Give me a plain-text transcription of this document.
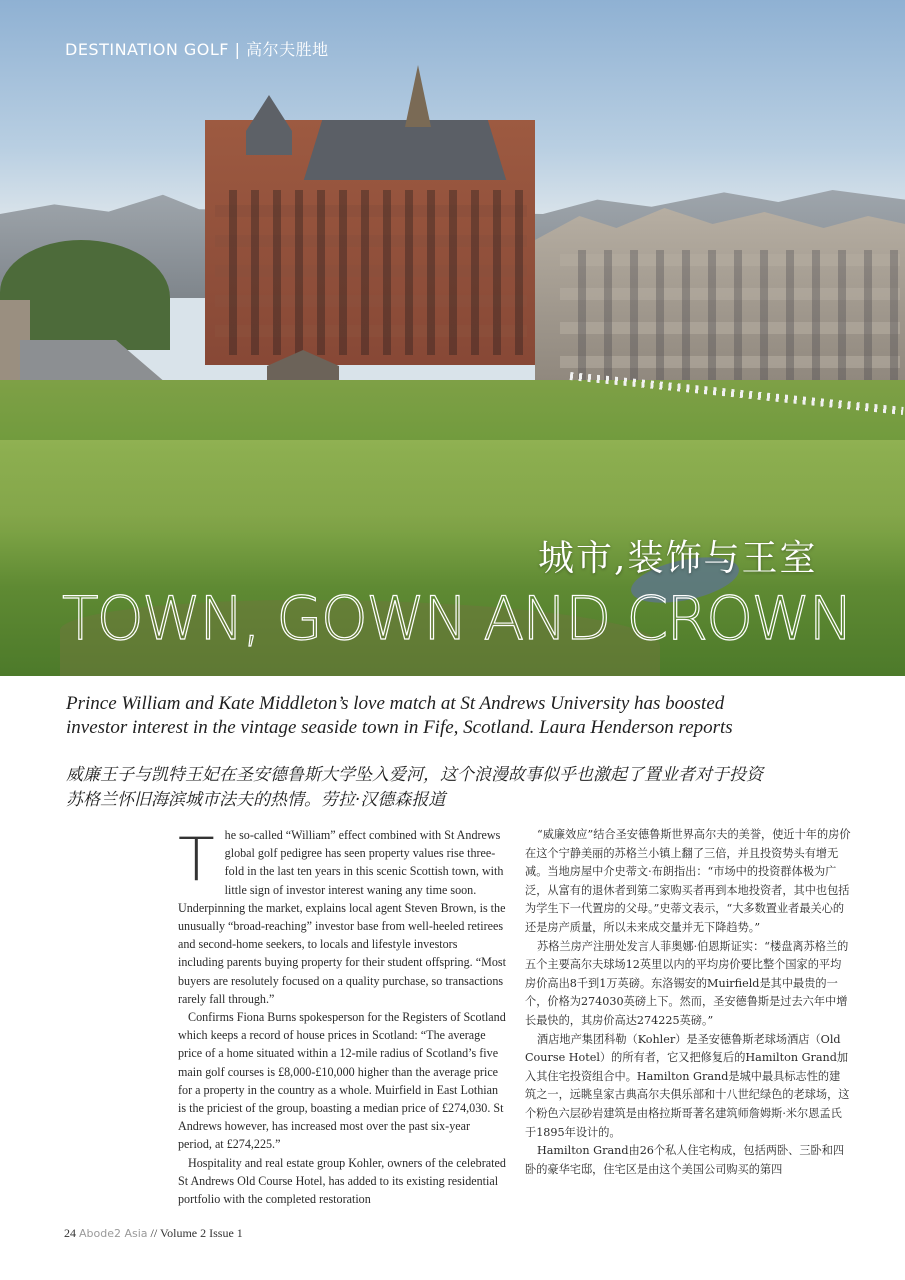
DESTINATION GOLF | 高尔夫胜地
城市,装饰与王室
TOWN, GOWN AND CROWN
Prince William and Kate Middleton’s love match at St Andrews University has boosted investor interest in the vintage seaside town in Fife, Scotland. Laura Henderson reports
威廉王子与凯特王妃在圣安德鲁斯大学坠入爱河，这个浪漫故事似乎也激起了置业者对于投资苏格兰怀旧海滨城市法夫的热情。劳拉·汉德森报道
T he so-called “William” effect combined with St Andrews global golf pedigree has seen property values rise three-fold in the last ten years in this scenic Scottish town, with little sign of investor interest waning any time soon. Underpinning the market, explains local agent Steven Brown, is the unusually “broad-reaching” investor base from well-heeled retirees and second-home seekers, to locals and lifestyle investors including parents buying property for their student offspring. “Most buyers are resolutely focused on a quality purchase, so transactions rarely fall through.”

Confirms Fiona Burns spokesperson for the Registers of Scotland which keeps a record of house prices in Scotland: “The average price of a home situated within a 12-mile radius of Scotland’s five main golf courses is £8,000-£10,000 higher than the average price for a property in the country as a whole. Muirfield in East Lothian is the priciest of the group, boasting a median price of £274,030. St Andrews however, has increased most over the past six-year period, at £274,225.”

Hospitality and real estate group Kohler, owners of the celebrated St Andrews Old Course Hotel, has added to its existing residential portfolio with the completed restoration

“威廉效应”结合圣安德鲁斯世界高尔夫的美誉，使近十年的房价在这个宁静美丽的苏格兰小镇上翻了三倍，并且投资势头有增无减。当地房屋中介史蒂文·布朗指出：“市场中的投资群体极为广泛，从富有的退休者到第二家购买者再到本地投资者，其中也包括为学生下一代置房的父母。”史蒂文表示，“大多数置业者最关心的还是房产质量，所以未来成交量并无下降趋势。”

苏格兰房产注册处发言人菲奥娜·伯恩斯证实：“楼盘离苏格兰的五个主要高尔夫球场12英里以内的平均房价要比整个国家的平均房价高出8千到1万英磅。东洛锡安的Muirfield是其中最贵的一个，价格为274030英磅上下。然而，圣安德鲁斯是过去六年中增长最快的，其房价高达274225英磅。”

酒店地产集团科勒（Kohler）是圣安德鲁斯老球场酒店（Old Course Hotel）的所有者，它又把修复后的Hamilton Grand加入其住宅投资组合中。Hamilton Grand是城中最具标志性的建筑之一，远眺皇家古典高尔夫俱乐部和十八世纪绿色的老球场，这个粉色六层砂岩建筑是由格拉斯哥著名建筑师詹姆斯·米尔恩孟氏于1895年设计的。

Hamilton Grand由26个私人住宅构成，包括两卧、三卧和四卧的豪华宅邸，住宅区是由这个美国公司购买的第四

24 Abode2 Asia // Volume 2 Issue 1
